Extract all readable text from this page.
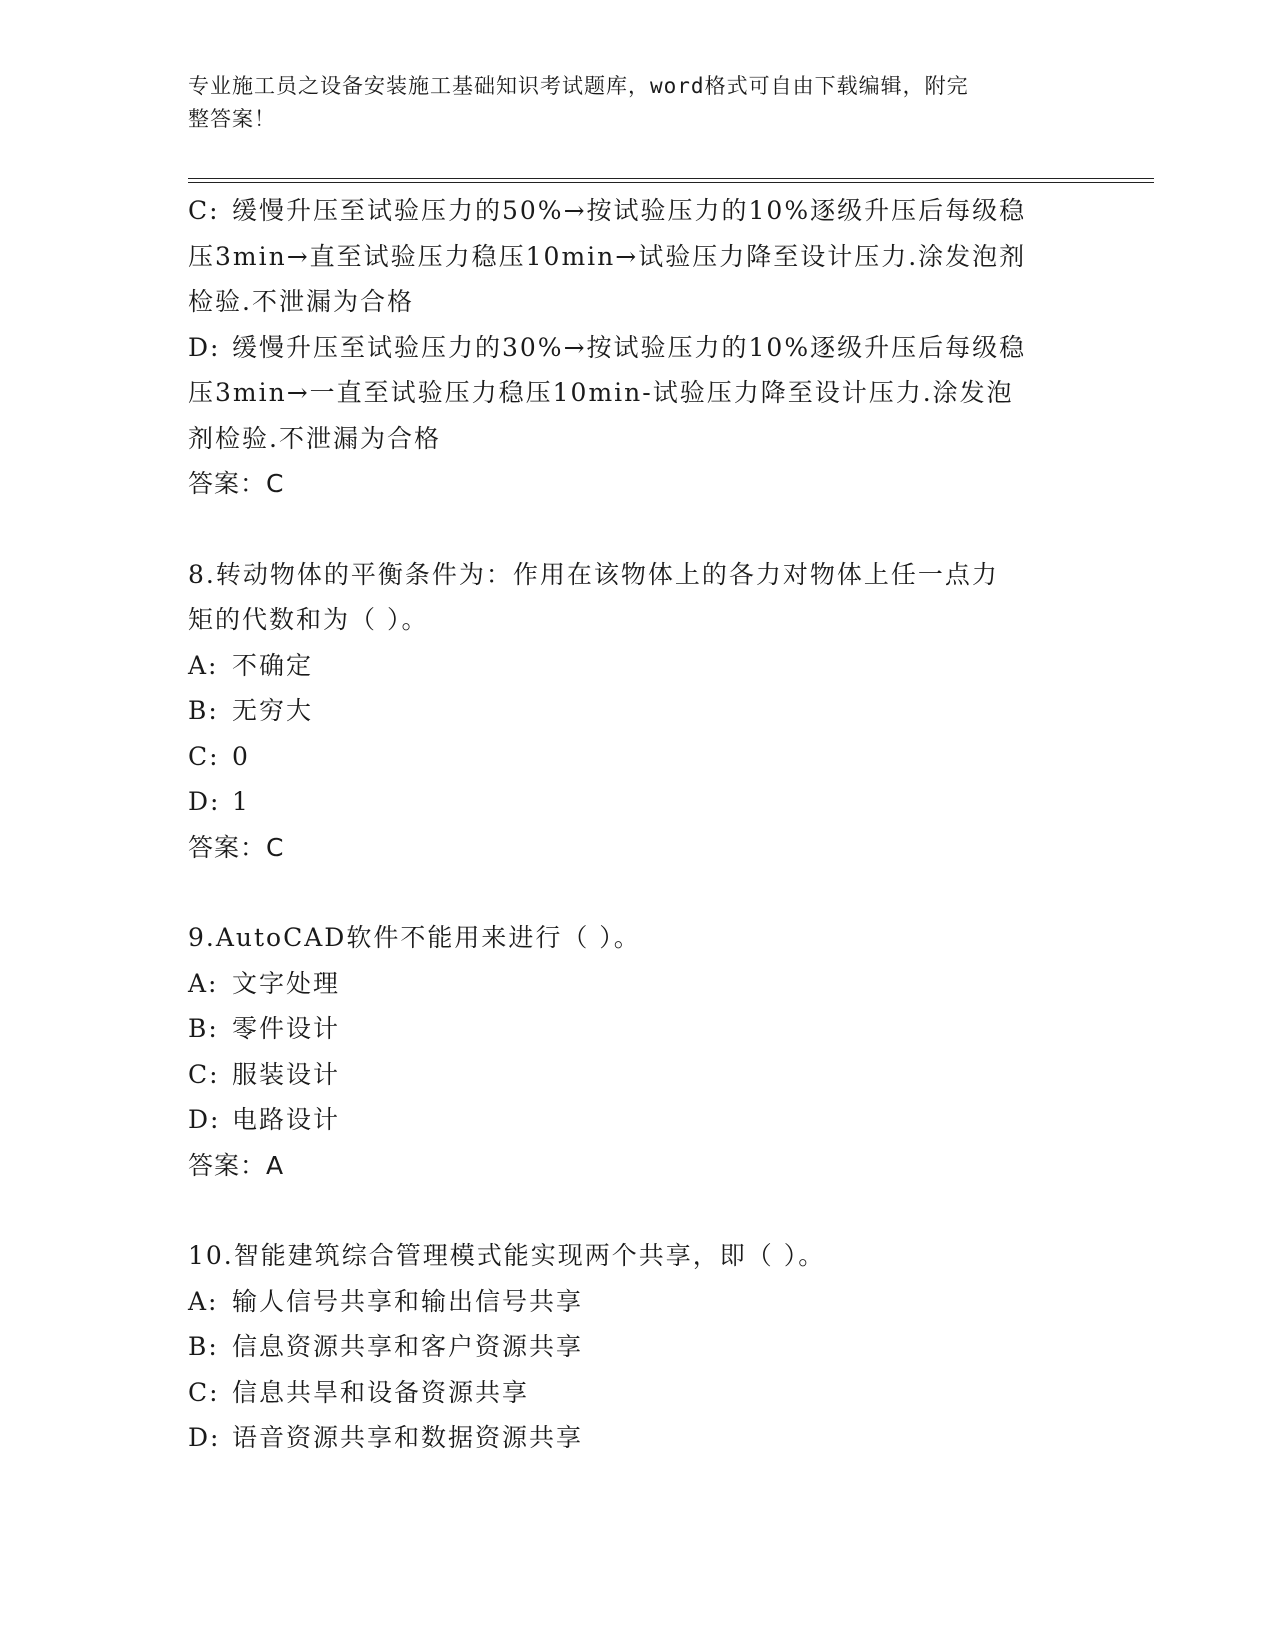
专业施工员之设备安装施工基础知识考试题库，word格式可自由下载编辑，附完
整答案！

C: 缓慢升压至试验压力的50%→按试验压力的10%逐级升压后每级稳

压3min→直至试验压力稳压10min→试验压力降至设计压力.涂发泡剂

检验.不泄漏为合格

D: 缓慢升压至试验压力的30%→按试验压力的10%逐级升压后每级稳

压3min→一直至试验压力稳压10min-试验压力降至设计压力.涂发泡

剂检验.不泄漏为合格

答案：C

8.转动物体的平衡条件为：作用在该物体上的各力对物体上任一点力

矩的代数和为（ ）。

A: 不确定

B: 无穷大

C: 0

D: 1

答案：C

9.AutoCAD软件不能用来进行（ ）。

A: 文字处理

B: 零件设计

C: 服装设计

D: 电路设计

答案：A

10.智能建筑综合管理模式能实现两个共享，即（ ）。

A: 输人信号共享和输出信号共享

B: 信息资源共享和客户资源共享

C: 信息共旱和设备资源共享

D: 语音资源共享和数据资源共享
